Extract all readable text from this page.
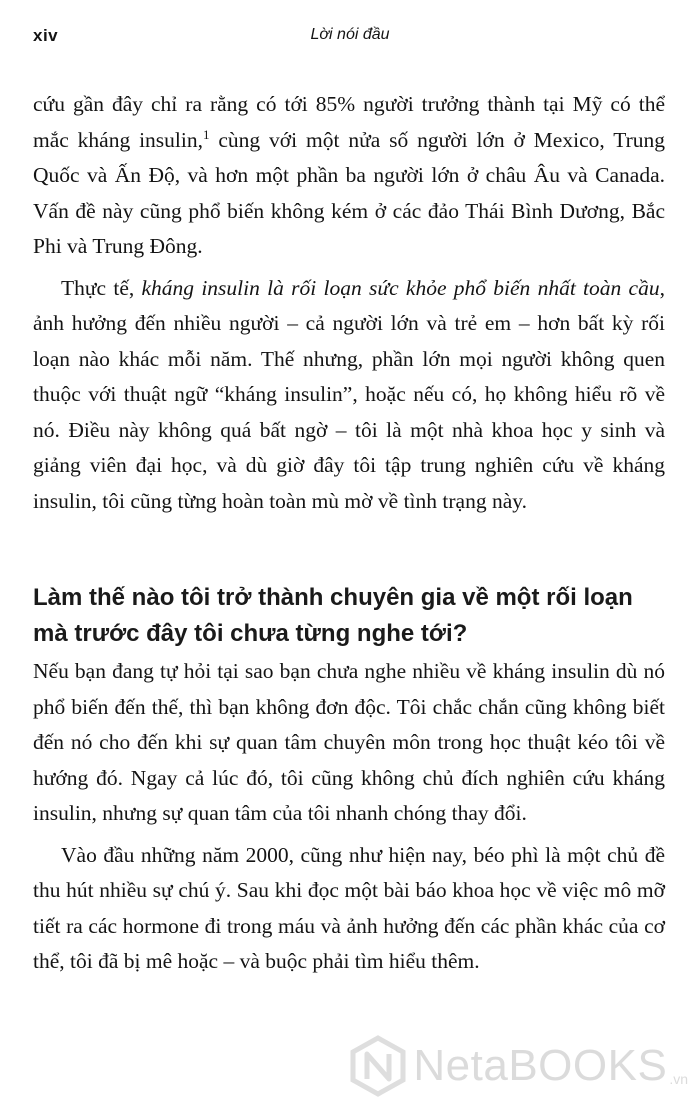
xiv	Lời nói đầu

cứu gần đây chỉ ra rằng có tới 85% người trưởng thành tại Mỹ có thể mắc kháng insulin,$^1$ cùng với một nửa số người lớn ở Mexico, Trung Quốc và Ấn Độ, và hơn một phần ba người lớn ở châu Âu và Canada. Vấn đề này cũng phổ biến không kém ở các đảo Thái Bình Dương, Bắc Phi và Trung Đông.

Thực tế, kháng insulin là rối loạn sức khỏe phổ biến nhất toàn cầu, ảnh hưởng đến nhiều người – cả người lớn và trẻ em – hơn bất kỳ rối loạn nào khác mỗi năm. Thế nhưng, phần lớn mọi người không quen thuộc với thuật ngữ “kháng insulin”, hoặc nếu có, họ không hiểu rõ về nó. Điều này không quá bất ngờ – tôi là một nhà khoa học y sinh và giảng viên đại học, và dù giờ đây tôi tập trung nghiên cứu về kháng insulin, tôi cũng từng hoàn toàn mù mờ về tình trạng này.

Làm thế nào tôi trở thành chuyên gia về một rối loạn
mà trước đây tôi chưa từng nghe tới?

Nếu bạn đang tự hỏi tại sao bạn chưa nghe nhiều về kháng insulin dù nó phổ biến đến thế, thì bạn không đơn độc. Tôi chắc chắn cũng không biết đến nó cho đến khi sự quan tâm chuyên môn trong học thuật kéo tôi về hướng đó. Ngay cả lúc đó, tôi cũng không chủ đích nghiên cứu kháng insulin, nhưng sự quan tâm của tôi nhanh chóng thay đổi.

Vào đầu những năm 2000, cũng như hiện nay, béo phì là một chủ đề thu hút nhiều sự chú ý. Sau khi đọc một bài báo khoa học về việc mô mỡ tiết ra các hormone đi trong máu và ảnh hưởng đến các phần khác của cơ thể, tôi đã bị mê hoặc – và buộc phải tìm hiểu thêm.

NetaBOOKS .vn
